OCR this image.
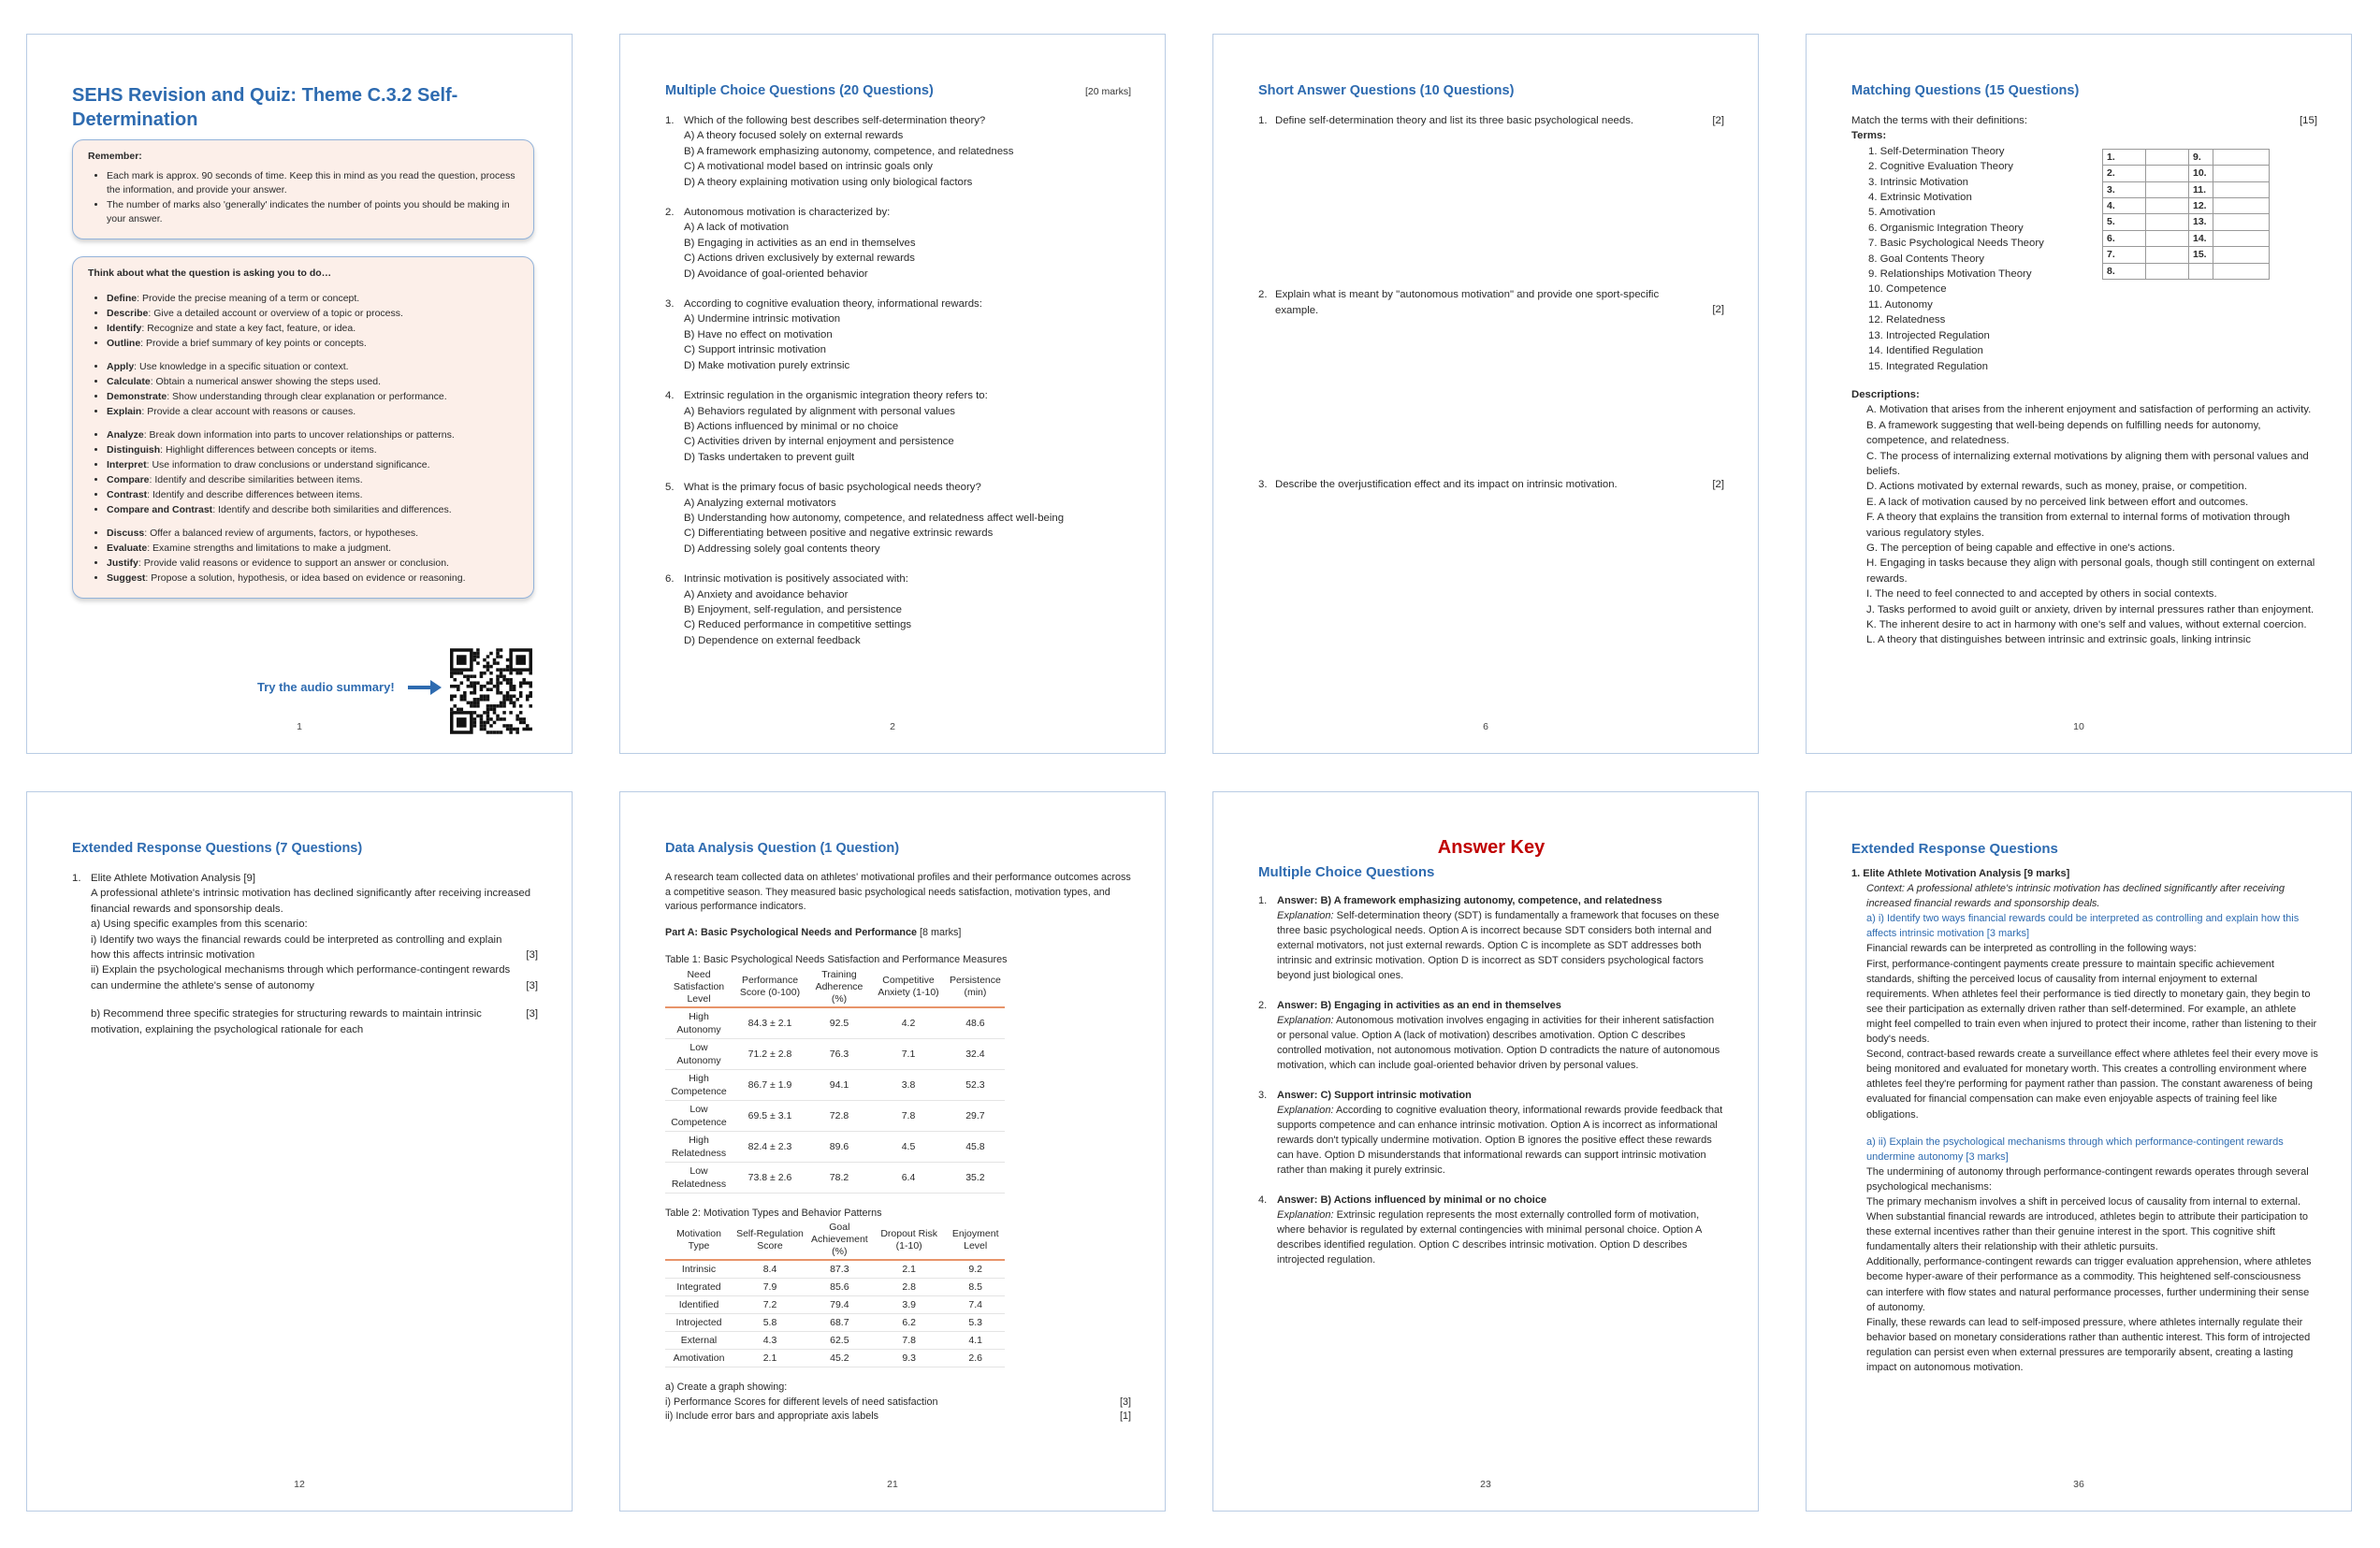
SEHS Revision and Quiz: Theme C.3.2 Self-Determination
Remember:
• Each mark is approx. 90 seconds of time. Keep this in mind as you read the question, process the information, and provide your answer.
• The number of marks also 'generally' indicates the number of points you should be making in your answer.
Think about what the question is asking you to do…
• Define: Provide the precise meaning of a term or concept.
• Describe: Give a detailed account or overview of a topic or process.
• Identify: Recognize and state a key fact, feature, or idea.
• Outline: Provide a brief summary of key points or concepts.
• Apply: Use knowledge in a specific situation or context.
• Calculate: Obtain a numerical answer showing the steps used.
• Demonstrate: Show understanding through clear explanation or performance.
• Explain: Provide a clear account with reasons or causes.
• Analyze: Break down information into parts to uncover relationships or patterns.
• Distinguish: Highlight differences between concepts or items.
• Interpret: Use information to draw conclusions or understand significance.
• Compare: Identify and describe similarities between items.
• Contrast: Identify and describe differences between items.
• Compare and Contrast: Identify and describe both similarities and differences.
• Discuss: Offer a balanced review of arguments, factors, or hypotheses.
• Evaluate: Examine strengths and limitations to make a judgment.
• Justify: Provide valid reasons or evidence to support an answer or conclusion.
• Suggest: Propose a solution, hypothesis, or idea based on evidence or reasoning.
Try the audio summary!
1
Multiple Choice Questions (20 Questions)	[20 marks]
1. Which of the following best describes self-determination theory?
A) A theory focused solely on external rewards
B) A framework emphasizing autonomy, competence, and relatedness
C) A motivational model based on intrinsic goals only
D) A theory explaining motivation using only biological factors
2. Autonomous motivation is characterized by:
A) A lack of motivation
B) Engaging in activities as an end in themselves
C) Actions driven exclusively by external rewards
D) Avoidance of goal-oriented behavior
3. According to cognitive evaluation theory, informational rewards:
A) Undermine intrinsic motivation
B) Have no effect on motivation
C) Support intrinsic motivation
D) Make motivation purely extrinsic
4. Extrinsic regulation in the organismic integration theory refers to:
A) Behaviors regulated by alignment with personal values
B) Actions influenced by minimal or no choice
C) Activities driven by internal enjoyment and persistence
D) Tasks undertaken to prevent guilt
5. What is the primary focus of basic psychological needs theory?
A) Analyzing external motivators
B) Understanding how autonomy, competence, and relatedness affect well-being
C) Differentiating between positive and negative extrinsic rewards
D) Addressing solely goal contents theory
6. Intrinsic motivation is positively associated with:
A) Anxiety and avoidance behavior
B) Enjoyment, self-regulation, and persistence
C) Reduced performance in competitive settings
D) Dependence on external feedback
2
Short Answer Questions (10 Questions)
1. Define self-determination theory and list its three basic psychological needs.	[2]
2. Explain what is meant by "autonomous motivation" and provide one sport-specific example.	[2]
3. Describe the overjustification effect and its impact on intrinsic motivation.	[2]
6
Matching Questions (15 Questions)
Match the terms with their definitions:	[15]
Terms:
1. Self-Determination Theory
2. Cognitive Evaluation Theory
3. Intrinsic Motivation
4. Extrinsic Motivation
5. Amotivation
6. Organismic Integration Theory
7. Basic Psychological Needs Theory
8. Goal Contents Theory
9. Relationships Motivation Theory
10. Competence
11. Autonomy
12. Relatedness
13. Introjected Regulation
14. Identified Regulation
15. Integrated Regulation
1.		9.	
2.		10.	
3.		11.	
4.		12.	
5.		13.	
6.		14.	
7.		15.	
8.			
Descriptions:
A. Motivation that arises from the inherent enjoyment and satisfaction of performing an activity.
B. A framework suggesting that well-being depends on fulfilling needs for autonomy, competence, and relatedness.
C. The process of internalizing external motivations by aligning them with personal values and beliefs.
D. Actions motivated by external rewards, such as money, praise, or competition.
E. A lack of motivation caused by no perceived link between effort and outcomes.
F. A theory that explains the transition from external to internal forms of motivation through various regulatory styles.
G. The perception of being capable and effective in one's actions.
H. Engaging in tasks because they align with personal goals, though still contingent on external rewards.
I. The need to feel connected to and accepted by others in social contexts.
J. Tasks performed to avoid guilt or anxiety, driven by internal pressures rather than enjoyment.
K. The inherent desire to act in harmony with one's self and values, without external coercion.
L. A theory that distinguishes between intrinsic and extrinsic goals, linking intrinsic
10
Extended Response Questions (7 Questions)
1. Elite Athlete Motivation Analysis [9]
A professional athlete's intrinsic motivation has declined significantly after receiving increased financial rewards and sponsorship deals.
a) Using specific examples from this scenario:
i) Identify two ways the financial rewards could be interpreted as controlling and explain how this affects intrinsic motivation	[3]
ii) Explain the psychological mechanisms through which performance-contingent rewards can undermine the athlete's sense of autonomy	[3]
b) Recommend three specific strategies for structuring rewards to maintain intrinsic motivation, explaining the psychological rationale for each
[3]
12
Data Analysis Question (1 Question)
A research team collected data on athletes' motivational profiles and their performance outcomes across a competitive season. They measured basic psychological needs satisfaction, motivation types, and various performance indicators.
Part A: Basic Psychological Needs and Performance [8 marks]
Table 1: Basic Psychological Needs Satisfaction and Performance Measures
Need Satisfaction Level	Performance Score (0-100)	Training Adherence (%)	Competitive Anxiety (1-10)	Persistence (min)
High Autonomy	84.3 ± 2.1	92.5	4.2	48.6
Low Autonomy	71.2 ± 2.8	76.3	7.1	32.4
High Competence	86.7 ± 1.9	94.1	3.8	52.3
Low Competence	69.5 ± 3.1	72.8	7.8	29.7
High Relatedness	82.4 ± 2.3	89.6	4.5	45.8
Low Relatedness	73.8 ± 2.6	78.2	6.4	35.2
Table 2: Motivation Types and Behavior Patterns
Motivation Type	Self-Regulation Score	Goal Achievement (%)	Dropout Risk (1-10)	Enjoyment Level
Intrinsic	8.4	87.3	2.1	9.2
Integrated	7.9	85.6	2.8	8.5
Identified	7.2	79.4	3.9	7.4
Introjected	5.8	68.7	6.2	5.3
External	4.3	62.5	7.8	4.1
Amotivation	2.1	45.2	9.3	2.6
a) Create a graph showing:
i) Performance Scores for different levels of need satisfaction	[3]
ii) Include error bars and appropriate axis labels	[1]
21
Answer Key
Multiple Choice Questions
1. Answer: B) A framework emphasizing autonomy, competence, and relatedness
Explanation: Self-determination theory (SDT) is fundamentally a framework that focuses on these three basic psychological needs. Option A is incorrect because SDT considers both internal and external motivators, not just external rewards. Option C is incomplete as SDT addresses both intrinsic and extrinsic motivation. Option D is incorrect as SDT considers psychological factors beyond just biological ones.
2. Answer: B) Engaging in activities as an end in themselves
Explanation: Autonomous motivation involves engaging in activities for their inherent satisfaction or personal value. Option A (lack of motivation) describes amotivation. Option C describes controlled motivation, not autonomous motivation. Option D contradicts the nature of autonomous motivation, which can include goal-oriented behavior driven by personal values.
3. Answer: C) Support intrinsic motivation
Explanation: According to cognitive evaluation theory, informational rewards provide feedback that supports competence and can enhance intrinsic motivation. Option A is incorrect as informational rewards don't typically undermine motivation. Option B ignores the positive effect these rewards can have. Option D misunderstands that informational rewards can support intrinsic motivation rather than making it purely extrinsic.
4. Answer: B) Actions influenced by minimal or no choice
Explanation: Extrinsic regulation represents the most externally controlled form of motivation, where behavior is regulated by external contingencies with minimal personal choice. Option A describes identified regulation. Option C describes intrinsic motivation. Option D describes introjected regulation.
23
Extended Response Questions
1. Elite Athlete Motivation Analysis [9 marks]
Context: A professional athlete's intrinsic motivation has declined significantly after receiving increased financial rewards and sponsorship deals.
a) i) Identify two ways financial rewards could be interpreted as controlling and explain how this affects intrinsic motivation [3 marks]
Financial rewards can be interpreted as controlling in the following ways:
First, performance-contingent payments create pressure to maintain specific achievement standards, shifting the perceived locus of causality from internal enjoyment to external requirements. When athletes feel their performance is tied directly to monetary gain, they begin to see their participation as externally driven rather than self-determined. For example, an athlete might feel compelled to train even when injured to protect their income, rather than listening to their body's needs.
Second, contract-based rewards create a surveillance effect where athletes feel their every move is being monitored and evaluated for monetary worth. This creates a controlling environment where athletes feel they're performing for payment rather than passion. The constant awareness of being evaluated for financial compensation can make even enjoyable aspects of training feel like obligations.
a) ii) Explain the psychological mechanisms through which performance-contingent rewards undermine autonomy [3 marks]
The undermining of autonomy through performance-contingent rewards operates through several psychological mechanisms:
The primary mechanism involves a shift in perceived locus of causality from internal to external. When substantial financial rewards are introduced, athletes begin to attribute their participation to these external incentives rather than their genuine interest in the sport. This cognitive shift fundamentally alters their relationship with their athletic pursuits.
Additionally, performance-contingent rewards can trigger evaluation apprehension, where athletes become hyper-aware of their performance as a commodity. This heightened self-consciousness can interfere with flow states and natural performance processes, further undermining their sense of autonomy.
Finally, these rewards can lead to self-imposed pressure, where athletes internally regulate their behavior based on monetary considerations rather than authentic interest. This form of introjected regulation can persist even when external pressures are temporarily absent, creating a lasting impact on autonomous motivation.
36
